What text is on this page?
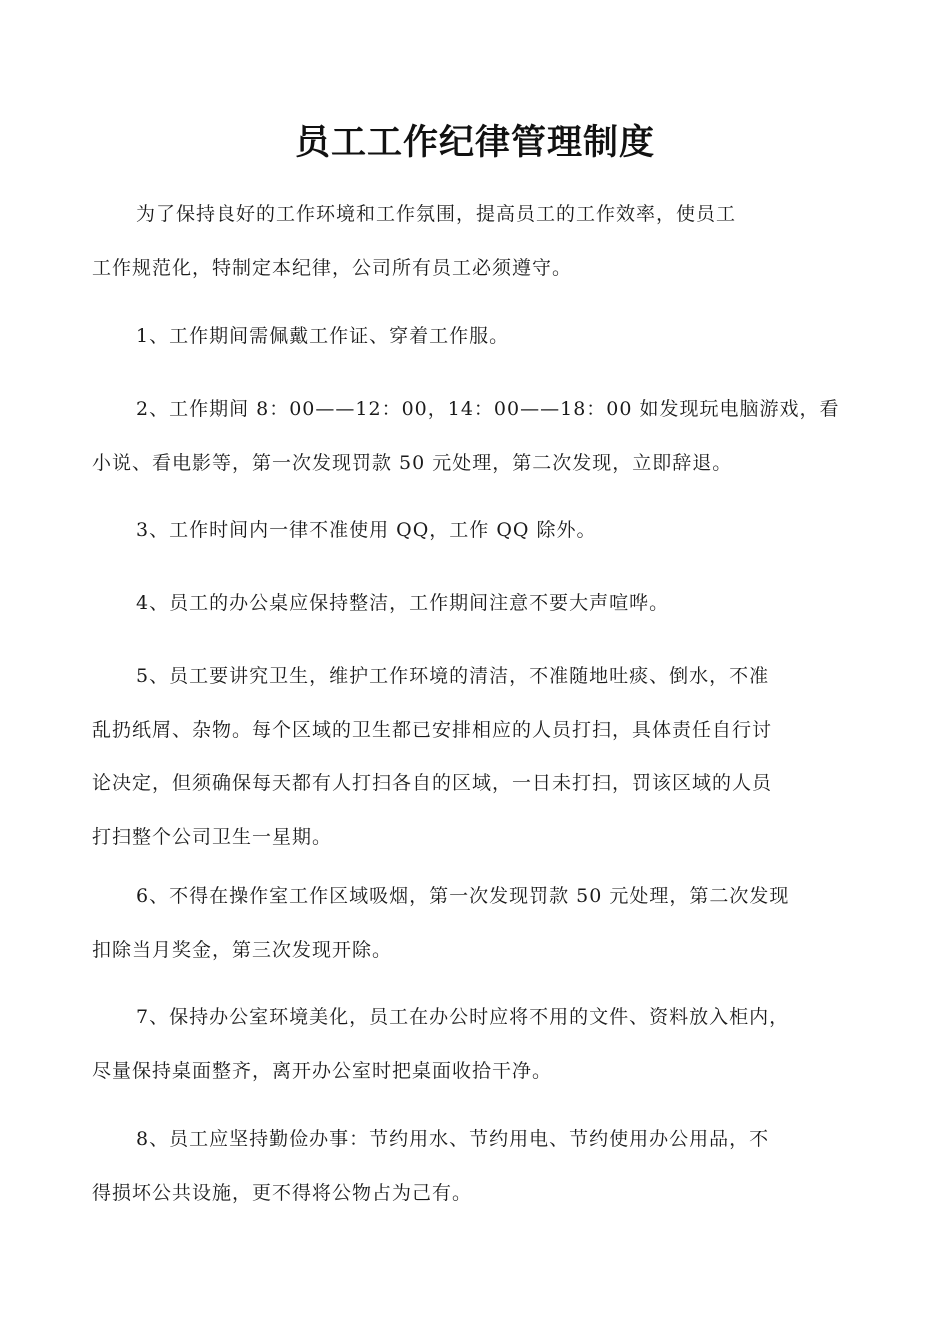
员工工作纪律管理制度
为了保持良好的工作环境和工作氛围，提高员工的工作效率，使员工
工作规范化，特制定本纪律，公司所有员工必须遵守。
1、工作期间需佩戴工作证、穿着工作服。
2、工作期间 8：00——12：00，14：00——18：00 如发现玩电脑游戏，看
小说、看电影等，第一次发现罚款 50 元处理，第二次发现，立即辞退。
3、工作时间内一律不准使用 QQ，工作 QQ 除外。
4、员工的办公桌应保持整洁，工作期间注意不要大声喧哗。
5、员工要讲究卫生，维护工作环境的清洁，不准随地吐痰、倒水，不准
乱扔纸屑、杂物。每个区域的卫生都已安排相应的人员打扫，具体责任自行讨
论决定，但须确保每天都有人打扫各自的区域，一日未打扫，罚该区域的人员
打扫整个公司卫生一星期。
6、不得在操作室工作区域吸烟，第一次发现罚款 50 元处理，第二次发现
扣除当月奖金，第三次发现开除。
7、保持办公室环境美化，员工在办公时应将不用的文件、资料放入柜内，
尽量保持桌面整齐，离开办公室时把桌面收拾干净。
8、员工应坚持勤俭办事：节约用水、节约用电、节约使用办公用品，不
得损坏公共设施，更不得将公物占为己有。
